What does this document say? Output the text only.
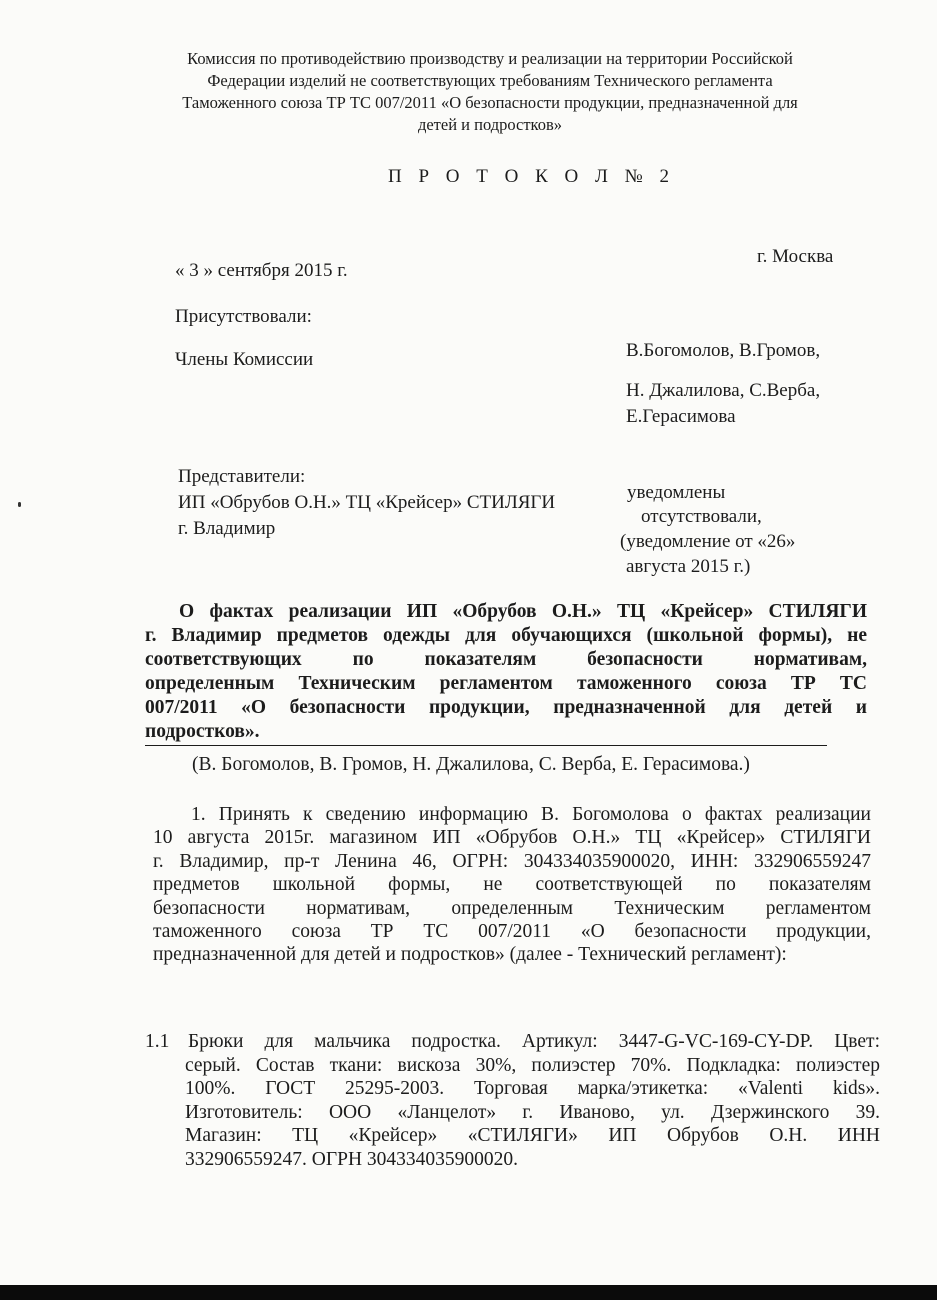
Комиссия по противодействию производству и реализации на территории Российской
Федерации изделий не соответствующих требованиям Технического регламента
Таможенного союза ТР ТС 007/2011 «О безопасности продукции, предназначенной для
детей и подростков»
П Р О Т О К О Л № 2
« 3 » сентября 2015 г.
г. Москва
Присутствовали:
Члены Комиссии	В.Богомолов, В.Громов,
Н. Джалилова, С.Верба,
Е.Герасимова
Представители:
ИП «Обрубов О.Н.» ТЦ «Крейсер» СТИЛЯГИ
г. Владимир
уведомлены
отсутствовали,
(уведомление от «26»
августа 2015 г.)
О фактах реализации ИП «Обрубов О.Н.» ТЦ «Крейсер» СТИЛЯГИ
г. Владимир предметов одежды для обучающихся (школьной формы), не
соответствующих по показателям безопасности нормативам,
определенным Техническим регламентом таможенного союза ТР ТС
007/2011 «О безопасности продукции, предназначенной для детей и
подростков».
(В. Богомолов, В. Громов, Н. Джалилова, С. Верба, Е. Герасимова.)
1. Принять к сведению информацию В. Богомолова о фактах реализации
10 августа 2015г. магазином ИП «Обрубов О.Н.» ТЦ «Крейсер» СТИЛЯГИ
г. Владимир, пр-т Ленина 46, ОГРН: 304334035900020, ИНН: 332906559247
предметов школьной формы, не соответствующей по показателям
безопасности нормативам, определенным Техническим регламентом
таможенного союза ТР ТС 007/2011 «О безопасности продукции,
предназначенной для детей и подростков» (далее - Технический регламент):
1.1 Брюки для мальчика подростка. Артикул: 3447-G-VC-169-CY-DP. Цвет:
серый. Состав ткани: вискоза 30%, полиэстер 70%. Подкладка: полиэстер
100%. ГОСТ 25295-2003. Торговая марка/этикетка: «Valenti kids».
Изготовитель: ООО «Ланцелот» г. Иваново, ул. Дзержинского 39.
Магазин: ТЦ «Крейсер» «СТИЛЯГИ» ИП Обрубов О.Н. ИНН
332906559247. ОГРН 304334035900020.
